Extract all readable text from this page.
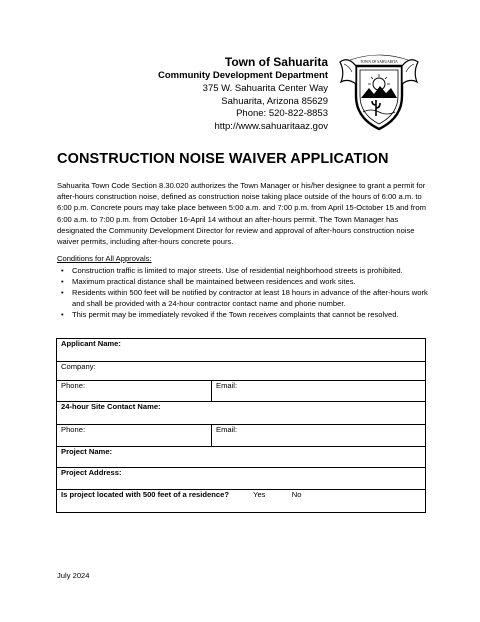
Town of Sahuarita
Community Development Department
375 W. Sahuarita Center Way
Sahuarita, Arizona 85629
Phone: 520-822-8853
http://www.sahuaritaaz.gov
TOWN OF SAHUARITA
CONSTRUCTION NOISE WAIVER APPLICATION
Sahuarita Town Code Section 8.30.020 authorizes the Town Manager or his/her designee to grant a permit for after-hours construction noise, defined as construction noise taking place outside of the hours of 6:00 a.m. to 6:00 p.m. Concrete pours may take place between 5:00 a.m. and 7:00 p.m. from April 15-October 15 and from 6:00 a.m. to 7:00 p.m. from October 16-April 14 without an after-hours permit. The Town Manager has designated the Community Development Director for review and approval of after-hours construction noise waiver permits, including after-hours concrete pours.
Conditions for All Approvals:
• Construction traffic is limited to major streets. Use of residential neighborhood streets is prohibited.
• Maximum practical distance shall be maintained between residences and work sites.
• Residents within 500 feet will be notified by contractor at least 18 hours in advance of the after-hours work and shall be provided with a 24-hour contractor contact name and phone number.
• This permit may be immediately revoked if the Town receives complaints that cannot be resolved.
Applicant Name:	
Company:	
Phone:	Email:
24-hour Site Contact Name:	
Phone:	Email:
Project Name:	
Project Address:	
Is project located with 500 feet of a residence? Yes No	
July 2024
